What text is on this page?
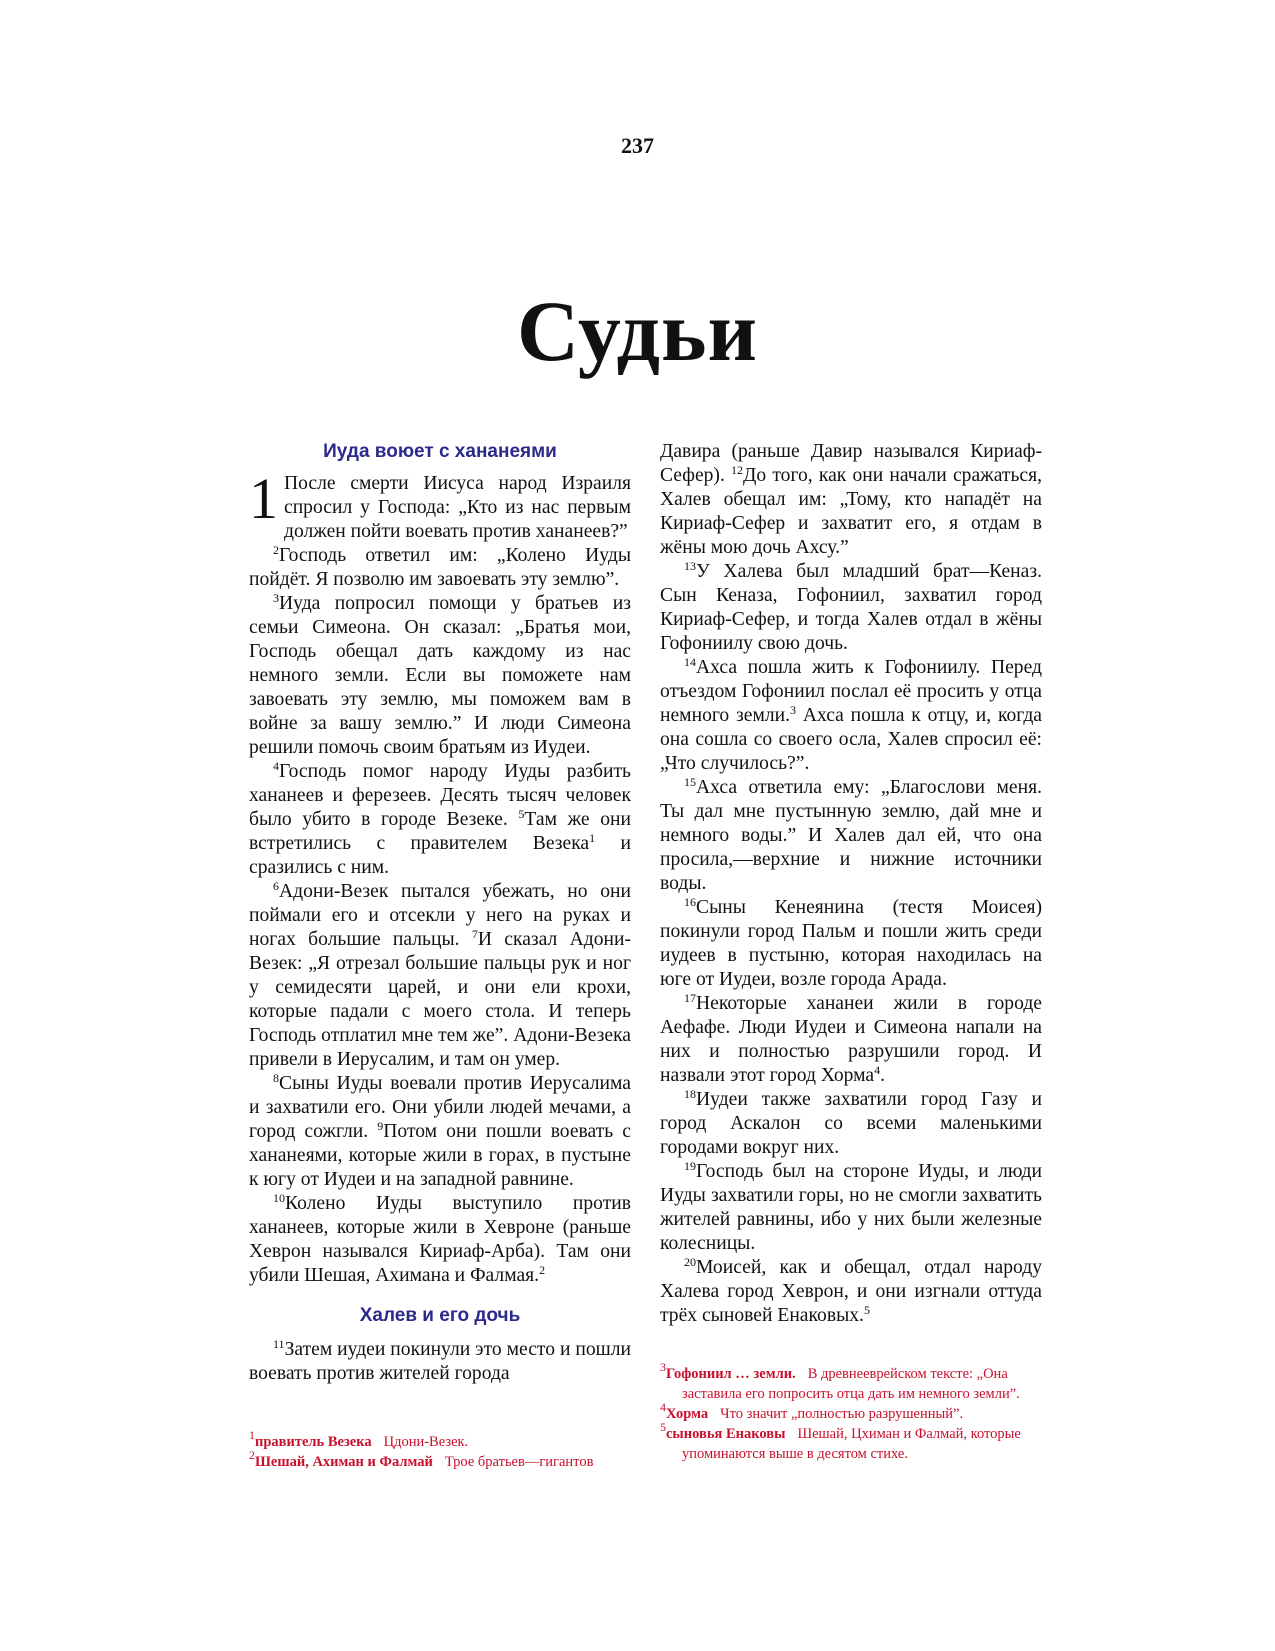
237
Судьи
Иуда воюет с хананеями

1 После смерти Иисуса народ Израиля спросил у Господа: „Кто из нас первым должен пойти воевать против хананеев?”

$^2$Господь ответил им: „Колено Иуды пойдёт. Я позволю им завоевать эту землю”.

$^3$Иуда попросил помощи у братьев из семьи Симеона. Он сказал: „Братья мои, Господь обещал дать каждому из нас немного земли. Если вы поможете нам завоевать эту землю, мы поможем вам в войне за вашу землю.” И люди Симеона решили помочь своим братьям из Иудеи.

$^4$Господь помог народу Иуды разбить хананеев и ферезеев. Десять тысяч человек было убито в городе Везеке. $^5$Там же они встретились с правителем Везека$^1$ и сразились с ним.

$^6$Адони-Везек пытался убежать, но они поймали его и отсекли у него на руках и ногах большие пальцы. $^7$И сказал Адони-Везек: „Я отрезал большие пальцы рук и ног у семидесяти царей, и они ели крохи, которые падали с моего стола. И теперь Господь отплатил мне тем же”. Адони-Везека привели в Иерусалим, и там он умер.

$^8$Сыны Иуды воевали против Иерусалима и захватили его. Они убили людей мечами, а город сожгли. $^9$Потом они пошли воевать с хананеями, которые жили в горах, в пустыне к югу от Иудеи и на западной равнине.

$^{10}$Колено Иуды выступило против хананеев, которые жили в Хевроне (раньше Хеврон назывался Кириаф-Арба). Там они убили Шешая, Ахимана и Фалмая.$^2$

Халев и его дочь

$^{11}$Затем иудеи покинули это место и пошли воевать против жителей города

Давира (раньше Давир назывался Кириаф-Сефер). $^{12}$До того, как они начали сражаться, Халев обещал им: „Тому, кто нападёт на Кириаф-Сефер и захватит его, я отдам в жёны мою дочь Ахсу.”

$^{13}$У Халева был младший брат—Кеназ. Сын Кеназа, Гофониил, захватил город Кириаф-Сефер, и тогда Халев отдал в жёны Гофониилу свою дочь.

$^{14}$Ахса пошла жить к Гофониилу. Перед отъездом Гофониил послал её просить у отца немного земли.$^3$ Ахса пошла к отцу, и, когда она сошла со своего осла, Халев спросил её: „Что случилось?”.

$^{15}$Ахса ответила ему: „Благослови меня. Ты дал мне пустынную землю, дай мне и немного воды.” И Халев дал ей, что она просила,—верхние и нижние источники воды.

$^{16}$Сыны Кенеянина (тестя Моисея) покинули город Пальм и пошли жить среди иудеев в пустыню, которая находилась на юге от Иудеи, возле города Арада.

$^{17}$Некоторые хананеи жили в городе Аефафе. Люди Иудеи и Симеона напали на них и полностью разрушили город. И назвали этот город Хорма$^4$.

$^{18}$Иудеи также захватили город Газу и город Аскалон со всеми маленькими городами вокруг них.

$^{19}$Господь был на стороне Иуды, и люди Иуды захватили горы, но не смогли захватить жителей равнины, ибо у них были железные колесницы.

$^{20}$Моисей, как и обещал, отдал народу Халева город Хеврон, и они изгнали оттуда трёх сыновей Енаковых.$^5$

$^1$правитель Везека Цдони-Везек.

$^2$Шешай, Ахиман и Фалмай Трое братьев—гигантов

$^3$Гофониил … земли. В древнееврейском тексте: „Она заставила его попросить отца дать им немного земли”.

$^4$Хорма Что значит „полностью разрушенный”.

$^5$сыновья Енаковы Шешай, Цхиман и Фалмай, которые упоминаются выше в десятом стихе.
